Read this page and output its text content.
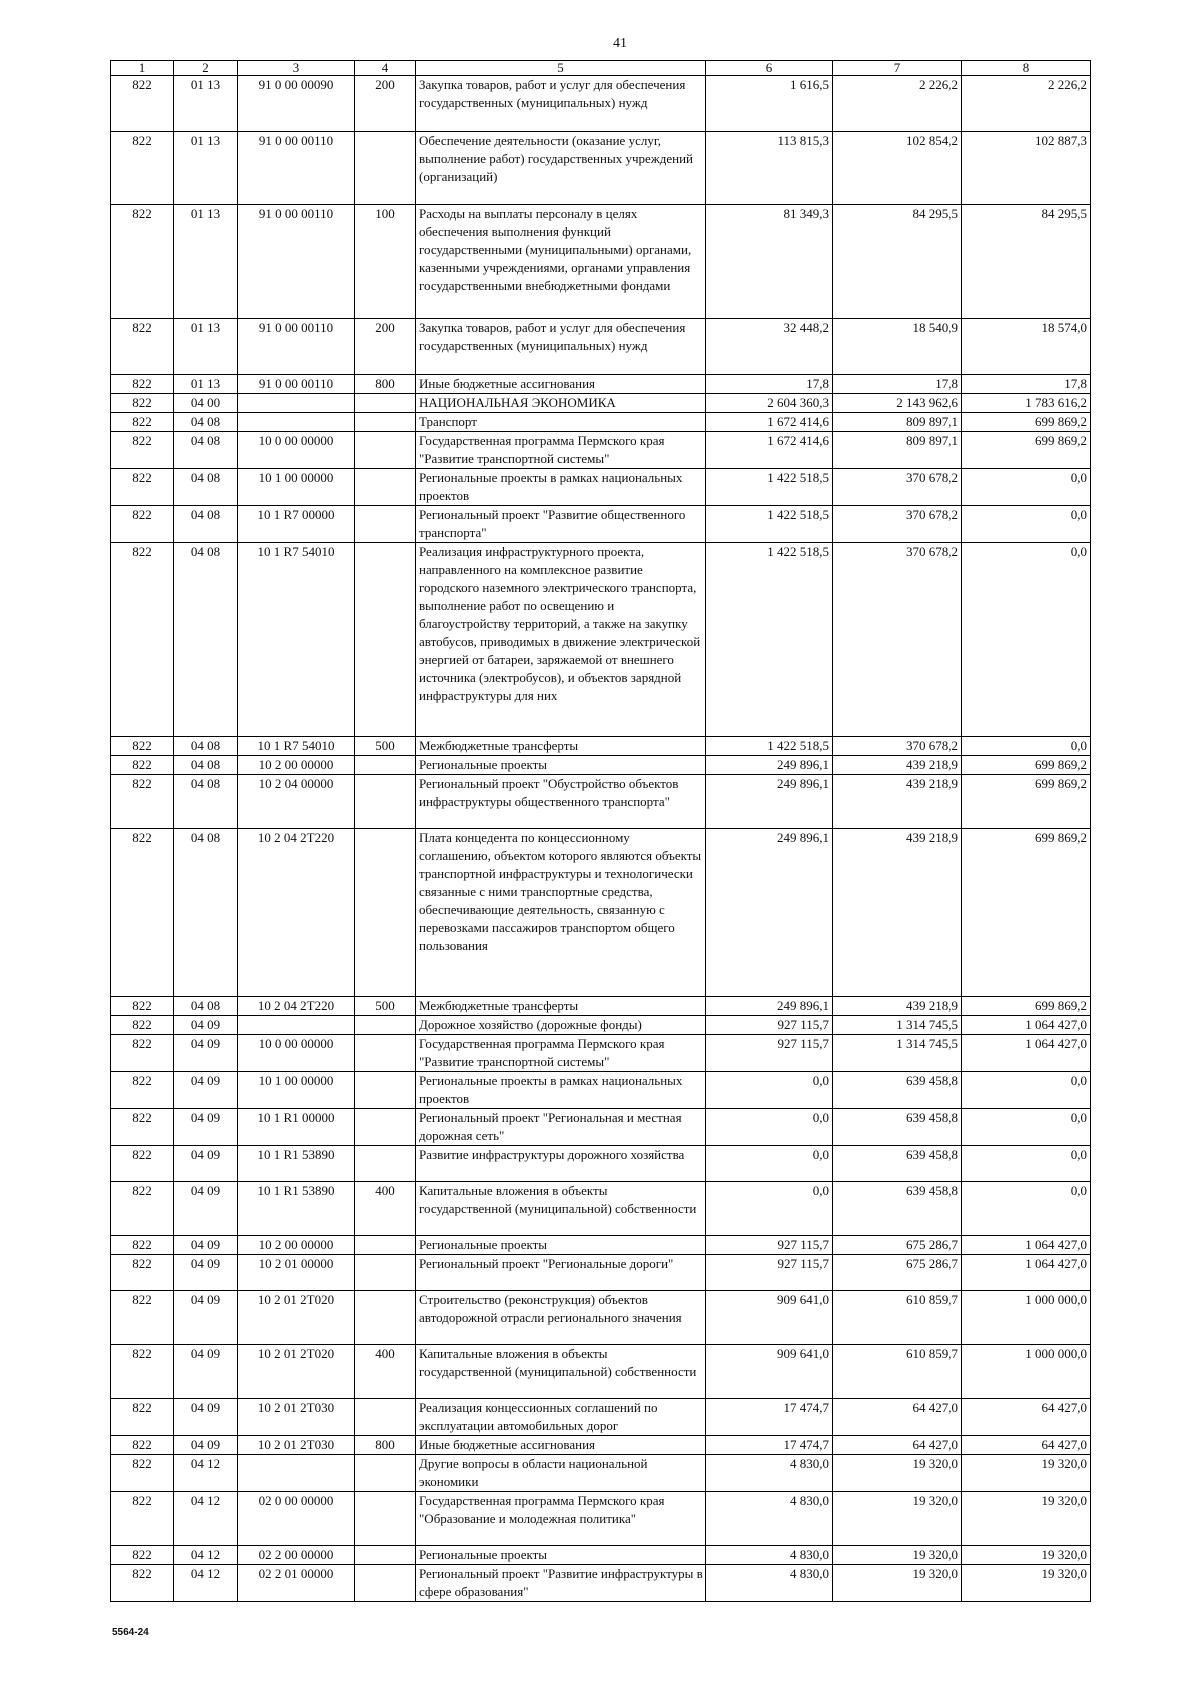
41
1	2	3	4	5	6	7	8
822	01 13	91 0 00 00090	200	Закупка товаров, работ и услуг для обеспечения государственных (муниципальных) нужд	1 616,5	2 226,2	2 226,2
822	01 13	91 0 00 00110		Обеспечение деятельности (оказание услуг, выполнение работ) государственных учреждений (организаций)	113 815,3	102 854,2	102 887,3
822	01 13	91 0 00 00110	100	Расходы на выплаты персоналу в целях обеспечения выполнения функций государственными (муниципальными) органами, казенными учреждениями, органами управления государственными внебюджетными фондами	81 349,3	84 295,5	84 295,5
822	01 13	91 0 00 00110	200	Закупка товаров, работ и услуг для обеспечения государственных (муниципальных) нужд	32 448,2	18 540,9	18 574,0
822	01 13	91 0 00 00110	800	Иные бюджетные ассигнования	17,8	17,8	17,8
822	04 00			НАЦИОНАЛЬНАЯ ЭКОНОМИКА	2 604 360,3	2 143 962,6	1 783 616,2
822	04 08			Транспорт	1 672 414,6	809 897,1	699 869,2
822	04 08	10 0 00 00000		Государственная программа Пермского края "Развитие транспортной системы"	1 672 414,6	809 897,1	699 869,2
822	04 08	10 1 00 00000		Региональные проекты в рамках национальных проектов	1 422 518,5	370 678,2	0,0
822	04 08	10 1 R7 00000		Региональный проект "Развитие общественного транспорта"	1 422 518,5	370 678,2	0,0
822	04 08	10 1 R7 54010		Реализация инфраструктурного проекта, направленного на комплексное развитие городского наземного электрического транспорта, выполнение работ по освещению и благоустройству территорий, а также на закупку автобусов, приводимых в движение электрической энергией от батареи, заряжаемой от внешнего источника (электробусов), и объектов зарядной инфраструктуры для них	1 422 518,5	370 678,2	0,0
822	04 08	10 1 R7 54010	500	Межбюджетные трансферты	1 422 518,5	370 678,2	0,0
822	04 08	10 2 00 00000		Региональные проекты	249 896,1	439 218,9	699 869,2
822	04 08	10 2 04 00000		Региональный проект "Обустройство объектов инфраструктуры общественного транспорта"	249 896,1	439 218,9	699 869,2
822	04 08	10 2 04 2Т220		Плата концедента по концессионному соглашению, объектом которого являются объекты транспортной инфраструктуры и технологически связанные с ними транспортные средства, обеспечивающие деятельность, связанную с перевозками пассажиров транспортом общего пользования	249 896,1	439 218,9	699 869,2
822	04 08	10 2 04 2Т220	500	Межбюджетные трансферты	249 896,1	439 218,9	699 869,2
822	04 09			Дорожное хозяйство (дорожные фонды)	927 115,7	1 314 745,5	1 064 427,0
822	04 09	10 0 00 00000		Государственная программа Пермского края "Развитие транспортной системы"	927 115,7	1 314 745,5	1 064 427,0
822	04 09	10 1 00 00000		Региональные проекты в рамках национальных проектов	0,0	639 458,8	0,0
822	04 09	10 1 R1 00000		Региональный проект "Региональная и местная дорожная сеть"	0,0	639 458,8	0,0
822	04 09	10 1 R1 53890		Развитие инфраструктуры дорожного хозяйства	0,0	639 458,8	0,0
822	04 09	10 1 R1 53890	400	Капитальные вложения в объекты государственной (муниципальной) собственности	0,0	639 458,8	0,0
822	04 09	10 2 00 00000		Региональные проекты	927 115,7	675 286,7	1 064 427,0
822	04 09	10 2 01 00000		Региональный проект "Региональные дороги"	927 115,7	675 286,7	1 064 427,0
822	04 09	10 2 01 2Т020		Строительство (реконструкция) объектов автодорожной отрасли регионального значения	909 641,0	610 859,7	1 000 000,0
822	04 09	10 2 01 2Т020	400	Капитальные вложения в объекты государственной (муниципальной) собственности	909 641,0	610 859,7	1 000 000,0
822	04 09	10 2 01 2Т030		Реализация концессионных соглашений по эксплуатации автомобильных дорог	17 474,7	64 427,0	64 427,0
822	04 09	10 2 01 2Т030	800	Иные бюджетные ассигнования	17 474,7	64 427,0	64 427,0
822	04 12			Другие вопросы в области национальной экономики	4 830,0	19 320,0	19 320,0
822	04 12	02 0 00 00000		Государственная программа Пермского края "Образование и молодежная политика"	4 830,0	19 320,0	19 320,0
822	04 12	02 2 00 00000		Региональные проекты	4 830,0	19 320,0	19 320,0
822	04 12	02 2 01 00000		Региональный проект "Развитие инфраструктуры в сфере образования"	4 830,0	19 320,0	19 320,0
5564-24
